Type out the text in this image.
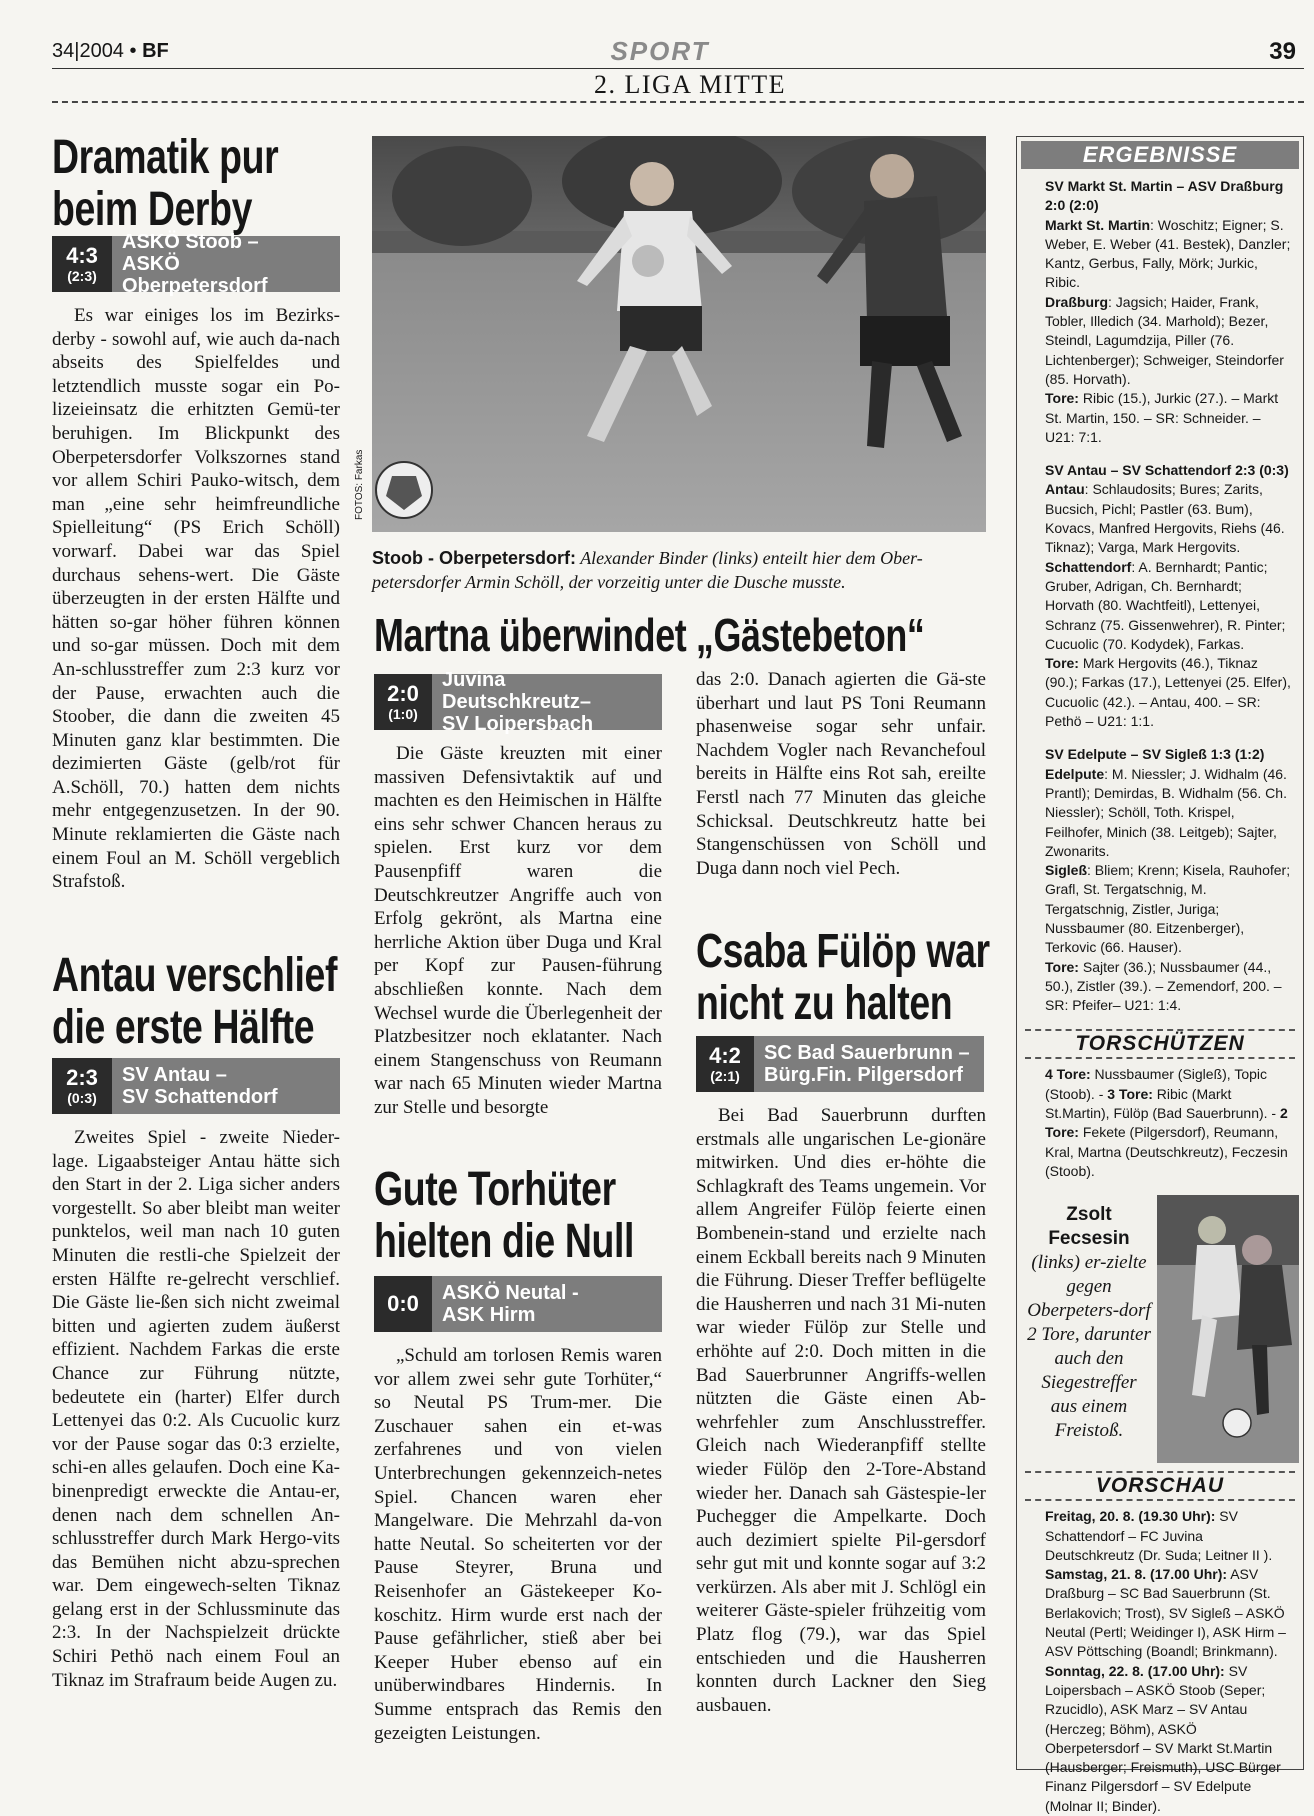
34|2004 • BF	SPORT	39
2. LIGA MITTE
Dramatik pur
beim Derby
4:3
(2:3)
ASKÖ Stoob –
ASKÖ Oberpetersdorf
Es war einiges los im Bezirks-derby - sowohl auf, wie auch da-nach abseits des Spielfeldes und letztendlich musste sogar ein Po-lizeieinsatz die erhitzten Gemü-ter beruhigen. Im Blickpunkt des Oberpetersdorfer Volkszornes stand vor allem Schiri Pauko-witsch, dem man „eine sehr heimfreundliche Spielleitung“ (PS Erich Schöll) vorwarf. Dabei war das Spiel durchaus sehens-wert. Die Gäste überzeugten in der ersten Hälfte und hätten so-gar höher führen können und so-gar müssen. Doch mit dem An-schlusstreffer zum 2:3 kurz vor der Pause, erwachten auch die Stoober, die dann die zweiten 45 Minuten ganz klar bestimmten. Die dezimierten Gäste (gelb/rot für A.Schöll, 70.) hatten dem nichts mehr entgegenzusetzen. In der 90. Minute reklamierten die Gäste nach einem Foul an M. Schöll vergeblich Strafstoß.
Antau verschlief
die erste Hälfte
2:3
(0:3)
SV Antau –
SV Schattendorf
Zweites Spiel - zweite Nieder-lage. Ligaabsteiger Antau hätte sich den Start in der 2. Liga sicher anders vorgestellt. So aber bleibt man weiter punktelos, weil man nach 10 guten Minuten die restli-che Spielzeit der ersten Hälfte re-gelrecht verschlief. Die Gäste lie-ßen sich nicht zweimal bitten und agierten zudem äußerst effizient. Nachdem Farkas die erste Chance zur Führung nützte, bedeutete ein (harter) Elfer durch Lettenyei das 0:2. Als Cucuolic kurz vor der Pause sogar das 0:3 erzielte, schi-en alles gelaufen. Doch eine Ka-binenpredigt erweckte die Antau-er, denen nach dem schnellen An-schlusstreffer durch Mark Hergo-vits das Bemühen nicht abzu-sprechen war. Dem eingewech-selten Tiknaz gelang erst in der Schlussminute das 2:3. In der Nachspielzeit drückte Schiri Pethö nach einem Foul an Tiknaz im Strafraum beide Augen zu.
FOTOS: Farkas
Stoob - Oberpetersdorf: Alexander Binder (links) enteilt hier dem Ober-petersdorfer Armin Schöll, der vorzeitig unter die Dusche musste.
Martna überwindet „Gästebeton“
2:0
(1:0)
Juvina Deutschkreutz–
SV Loipersbach
Die Gäste kreuzten mit einer massiven Defensivtaktik auf und machten es den Heimischen in Hälfte eins sehr schwer Chancen heraus zu spielen. Erst kurz vor dem Pausenpfiff waren die Deutschkreutzer Angriffe auch von Erfolg gekrönt, als Martna eine herrliche Aktion über Duga und Kral per Kopf zur Pausen-führung abschließen konnte. Nach dem Wechsel wurde die Überlegenheit der Platzbesitzer noch eklatanter. Nach einem Stangenschuss von Reumann war nach 65 Minuten wieder Martna zur Stelle und besorgte
das 2:0. Danach agierten die Gä-ste überhart und laut PS Toni Reumann phasenweise sogar sehr unfair. Nachdem Vogler nach Revanchefoul bereits in Hälfte eins Rot sah, ereilte Ferstl nach 77 Minuten das gleiche Schicksal. Deutschkreutz hatte bei Stangenschüssen von Schöll und Duga dann noch viel Pech.
Gute Torhüter
hielten die Null
0:0 ASKÖ Neutal -
ASK Hirm
„Schuld am torlosen Remis waren vor allem zwei sehr gute Torhüter,“ so Neutal PS Trum-mer. Die Zuschauer sahen ein et-was zerfahrenes und von vielen Unterbrechungen gekennzeich-netes Spiel. Chancen waren eher Mangelware. Die Mehrzahl da-von hatte Neutal. So scheiterten vor der Pause Steyrer, Bruna und Reisenhofer an Gästekeeper Ko-koschitz. Hirm wurde erst nach der Pause gefährlicher, stieß aber bei Keeper Huber ebenso auf ein unüberwindbares Hindernis. In Summe entsprach das Remis den gezeigten Leistungen.
Csaba Fülöp war
nicht zu halten
4:2
(2:1)
SC Bad Sauerbrunn –
Bürg.Fin. Pilgersdorf
Bei Bad Sauerbrunn durften erstmals alle ungarischen Le-gionäre mitwirken. Und dies er-höhte die Schlagkraft des Teams ungemein. Vor allem Angreifer Fülöp feierte einen Bombenein-stand und erzielte nach einem Eckball bereits nach 9 Minuten die Führung. Dieser Treffer beflügelte die Hausherren und nach 31 Mi-nuten war wieder Fülöp zur Stelle und erhöhte auf 2:0. Doch mitten in die Bad Sauerbrunner Angriffs-wellen nützten die Gäste einen Ab-wehrfehler zum Anschlusstreffer. Gleich nach Wiederanpfiff stellte wieder Fülöp den 2-Tore-Abstand wieder her. Danach sah Gästespie-ler Puchegger die Ampelkarte. Doch auch dezimiert spielte Pil-gersdorf sehr gut mit und konnte sogar auf 3:2 verkürzen. Als aber mit J. Schlögl ein weiterer Gäste-spieler frühzeitig vom Platz flog (79.), war das Spiel entschieden und die Hausherren konnten durch Lackner den Sieg ausbauen.
ERGEBNISSE
SV Markt St. Martin – ASV Draßburg 2:0 (2:0)
Markt St. Martin: Woschitz; Eigner; S. Weber, E. Weber (41. Bestek), Danzler; Kantz, Gerbus, Fally, Mörk; Jurkic, Ribic.
Draßburg: Jagsich; Haider, Frank, Tobler, Illedich (34. Marhold); Bezer, Steindl, Lagumdzija, Piller (76. Lichtenberger); Schweiger, Steindorfer (85. Horvath).
Tore: Ribic (15.), Jurkic (27.). – Markt St. Martin, 150. – SR: Schneider. – U21: 7:1.
SV Antau – SV Schattendorf 2:3 (0:3)
Antau: Schlaudosits; Bures; Zarits, Bucsich, Pichl; Pastler (63. Bum), Kovacs, Manfred Hergovits, Riehs (46. Tiknaz); Varga, Mark Hergovits.
Schattendorf: A. Bernhardt; Pantic; Gruber, Adrigan, Ch. Bernhardt; Horvath (80. Wachtfeitl), Lettenyei, Schranz (75. Gissenwehrer), R. Pinter; Cucuolic (70. Kodydek), Farkas.
Tore: Mark Hergovits (46.), Tiknaz (90.); Farkas (17.), Lettenyei (25. Elfer), Cucuolic (42.). – Antau, 400. – SR: Pethö – U21: 1:1.
SV Edelpute – SV Sigleß 1:3 (1:2)
Edelpute: M. Niessler; J. Widhalm (46. Prantl); Demirdas, B. Widhalm (56. Ch. Niessler); Schöll, Toth. Krispel, Feilhofer, Minich (38. Leitgeb); Sajter, Zwonarits.
Sigleß: Bliem; Krenn; Kisela, Rauhofer; Grafl, St. Tergatschnig, M. Tergatschnig, Zistler, Juriga; Nussbaumer (80. Eitzenberger), Terkovic (66. Hauser).
Tore: Sajter (36.); Nussbaumer (44., 50.), Zistler (39.). – Zemendorf, 200. – SR: Pfeifer– U21: 1:4.
TORSCHÜTZEN
4 Tore: Nussbaumer (Sigleß), Topic (Stoob). - 3 Tore: Ribic (Markt St.Martin), Fülöp (Bad Sauerbrunn). - 2 Tore: Fekete (Pilgersdorf), Reumann, Kral, Martna (Deutschkreutz), Feczesin (Stoob).
Zsolt Fecsesin
(links) er-zielte gegen Oberpeters-dorf 2 Tore, darunter auch den Siegestreffer aus einem Freistoß.
VORSCHAU
Freitag, 20. 8. (19.30 Uhr): SV Schattendorf – FC Juvina Deutschkreutz (Dr. Suda; Leitner II ).
Samstag, 21. 8. (17.00 Uhr): ASV Draßburg – SC Bad Sauerbrunn (St. Berlakovich; Trost), SV Sigleß – ASKÖ Neutal (Pertl; Weidinger I), ASK Hirm – ASV Pöttsching (Boandl; Brinkmann).
Sonntag, 22. 8. (17.00 Uhr): SV Loipersbach – ASKÖ Stoob (Seper; Rzucidlo), ASK Marz – SV Antau (Herczeg; Böhm), ASKÖ Oberpetersdorf – SV Markt St.Martin (Hausberger; Freismuth), USC Bürger Finanz Pilgersdorf – SV Edelpute (Molnar II; Binder).
